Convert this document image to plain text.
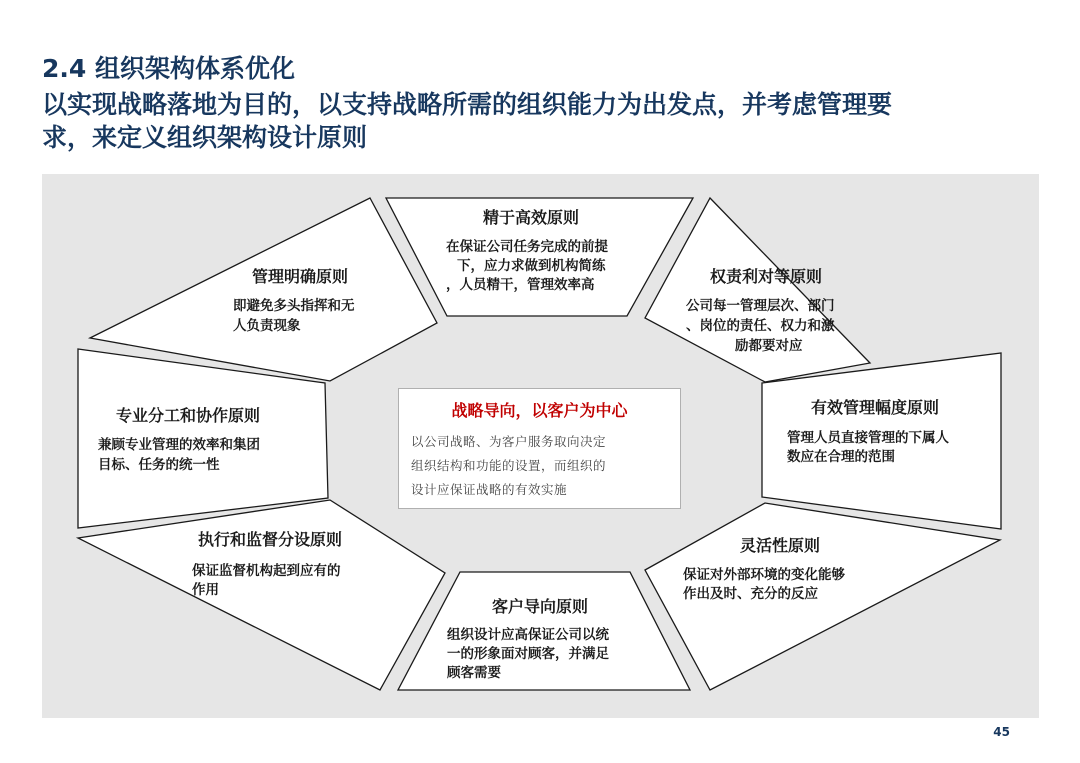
2.4 组织架构体系优化
以实现战略落地为目的，以支持战略所需的组织能力为出发点，并考虑管理要
求，来定义组织架构设计原则
精于高效原则
在保证公司任务完成的前提
下，应力求做到机构简练
，人员精干，管理效率高	权责利对等原则
公司每一管理层次、部门
、岗位的责任、权力和激
励都要对应
管理明确原则
即避免多头指挥和无
人负责现象
专业分工和协作原则
兼顾专业管理的效率和集团
目标、任务的统一性
有效管理幅度原则
管理人员直接管理的下属人
数应在合理的范围
执行和监督分设原则
保证监督机构起到应有的
作用
灵活性原则
保证对外部环境的变化能够
作出及时、充分的反应
客户导向原则
组织设计应高保证公司以统
一的形象面对顾客，并满足
顾客需要
战略导向，以客户为中心
以公司战略、为客户服务取向决定
组织结构和功能的设置，而组织的
设计应保证战略的有效实施
45
